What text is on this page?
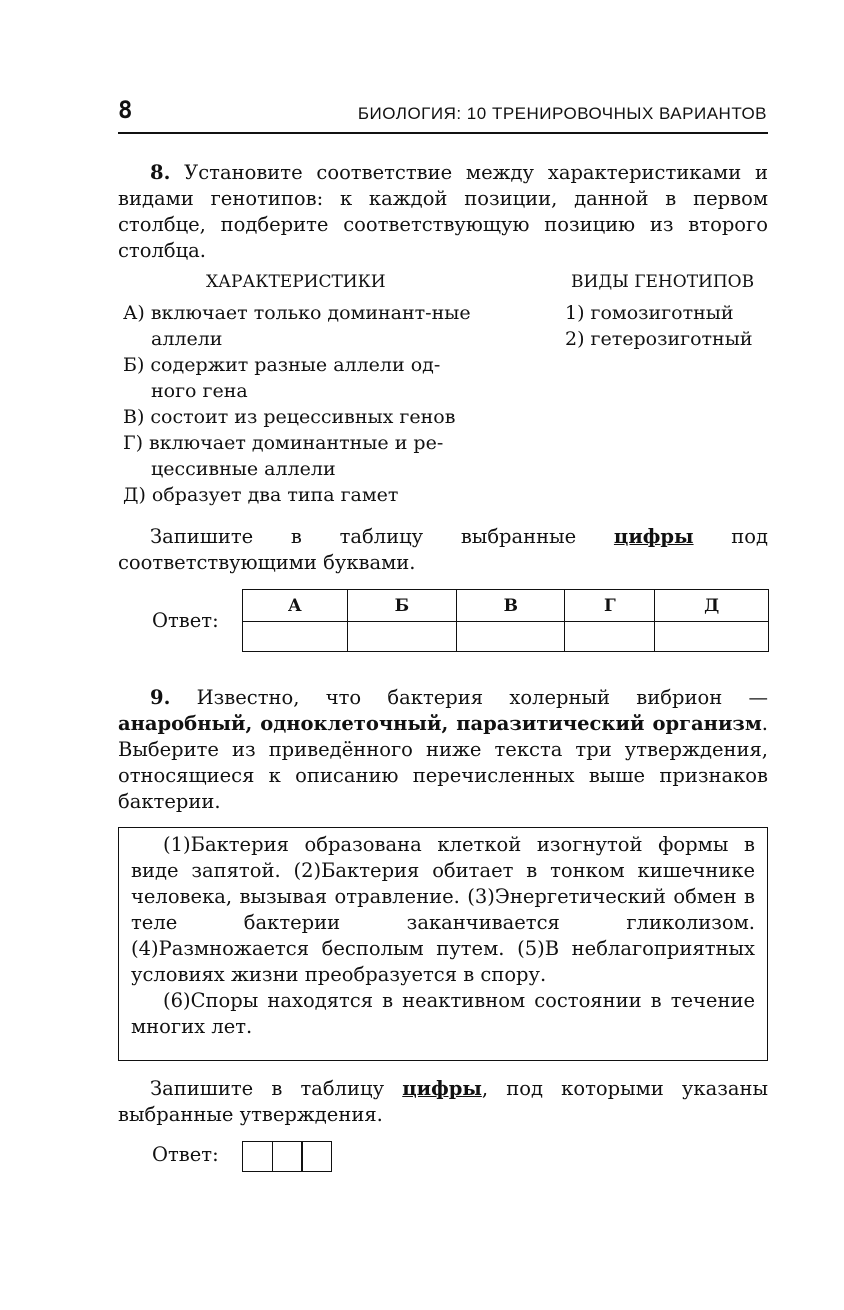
8	БИОЛОГИЯ: 10 ТРЕНИРОВОЧНЫХ ВАРИАНТОВ
8. Установите соответствие между характеристиками и видами генотипов: к каждой позиции, данной в первом столбце, подберите соответствующую позицию из второго столбца.
ХАРАКТЕРИСТИКИ	ВИДЫ ГЕНОТИПОВ
А) включает только доминант-ные аллели
Б) содержит разные аллели од-ного гена
В) состоит из рецессивных генов
Г) включает доминантные и ре-цессивные аллели
Д) образует два типа гамет
1) гомозиготный
2) гетерозиготный
Запишите в таблицу выбранные цифры под соответствующими буквами.
Ответ:
А	Б	В	Г	Д

9. Известно, что бактерия холерный вибрион — анаробный, одноклеточный, паразитический организм. Выберите из приведённого ниже текста три утверждения, относящиеся к описанию перечисленных выше признаков бактерии.
(1)Бактерия образована клеткой изогнутой формы в виде запятой. (2)Бактерия обитает в тонком кишечнике человека, вызывая отравление. (3)Энергетический обмен в теле бактерии заканчивается гликолизом. (4)Размножается бесполым путем. (5)В неблагоприятных условиях жизни преобразуется в спору.
(6)Споры находятся в неактивном состоянии в течение многих лет.
Запишите в таблицу цифры, под которыми указаны выбранные утверждения.
Ответ:
